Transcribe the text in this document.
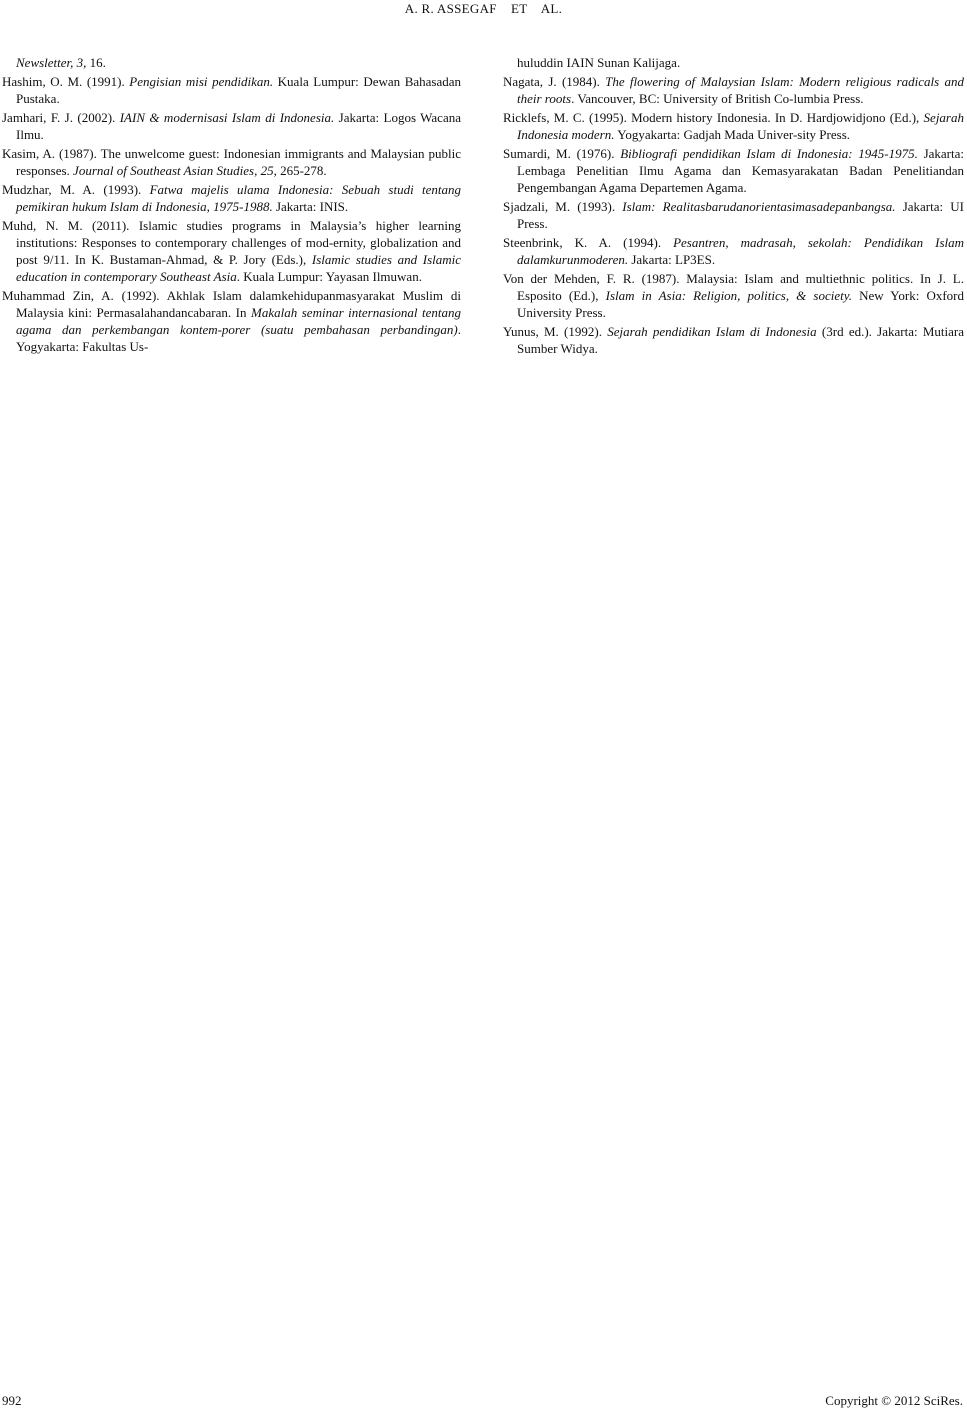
A. R. ASSEGAF    ET    AL.

Newsletter, 3, 16.

Hashim, O. M. (1991). Pengisian misi pendidikan. Kuala Lumpur: Dewan Bahasadan Pustaka.

Jamhari, F. J. (2002). IAIN & modernisasi Islam di Indonesia. Jakarta: Logos Wacana Ilmu.

Kasim, A. (1987). The unwelcome guest: Indonesian immigrants and Malaysian public responses. Journal of Southeast Asian Studies, 25, 265-278.

Mudzhar, M. A. (1993). Fatwa majelis ulama Indonesia: Sebuah studi tentang pemikiran hukum Islam di Indonesia, 1975-1988. Jakarta: INIS.

Muhd, N. M. (2011). Islamic studies programs in Malaysia’s higher learning institutions: Responses to contemporary challenges of mod-ernity, globalization and post 9/11. In K. Bustaman-Ahmad, & P. Jory (Eds.), Islamic studies and Islamic education in contemporary Southeast Asia. Kuala Lumpur: Yayasan Ilmuwan.

Muhammad Zin, A. (1992). Akhlak Islam dalamkehidupanmasyarakat Muslim di Malaysia kini: Permasalahandancabaran. In Makalah seminar internasional tentang agama dan perkembangan kontem-porer (suatu pembahasan perbandingan). Yogyakarta: Fakultas Us-

huluddin IAIN Sunan Kalijaga.

Nagata, J. (1984). The flowering of Malaysian Islam: Modern religious radicals and their roots. Vancouver, BC: University of British Co-lumbia Press.

Ricklefs, M. C. (1995). Modern history Indonesia. In D. Hardjowidjono (Ed.), Sejarah Indonesia modern. Yogyakarta: Gadjah Mada Univer-sity Press.

Sumardi, M. (1976). Bibliografi pendidikan Islam di Indonesia: 1945-1975. Jakarta: Lembaga Penelitian Ilmu Agama dan Kemasyarakatan Badan Penelitiandan Pengembangan Agama Departemen Agama.

Sjadzali, M. (1993). Islam: Realitasbarudanorientasimasadepanbangsa. Jakarta: UI Press.

Steenbrink, K. A. (1994). Pesantren, madrasah, sekolah: Pendidikan Islam dalamkurunmoderen. Jakarta: LP3ES.

Von der Mehden, F. R. (1987). Malaysia: Islam and multiethnic politics. In J. L. Esposito (Ed.), Islam in Asia: Religion, politics, & society. New York: Oxford University Press.

Yunus, M. (1992). Sejarah pendidikan Islam di Indonesia (3rd ed.). Jakarta: Mutiara Sumber Widya.

992	Copyright © 2012 SciRes.
